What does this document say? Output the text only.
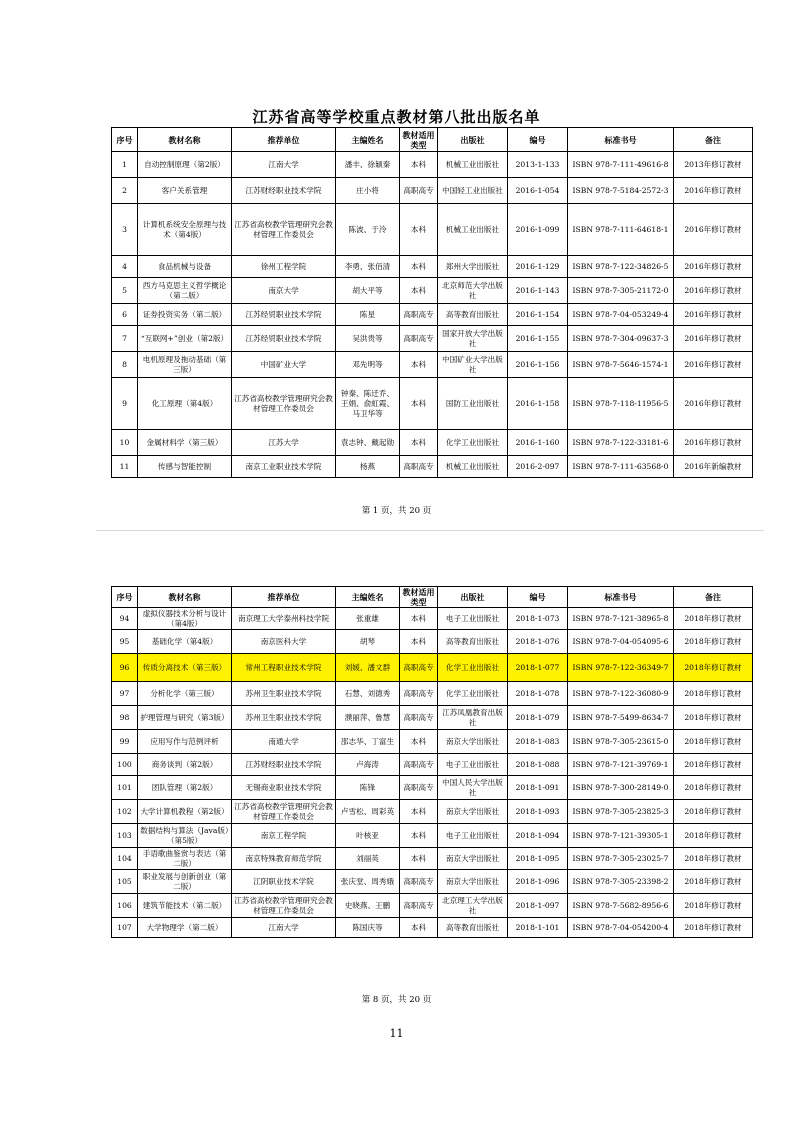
江苏省高等学校重点教材第八批出版名单
序号	教材名称	推荐单位	主编姓名	教材适用类型	出版社	编号	标准书号	备注
1	自动控制原理（第2版）	江南大学	潘丰、徐颖秦	本科	机械工业出版社	2013-1-133	ISBN 978-7-111-49616-8	2013年修订教材
2	客户关系管理	江苏财经职业技术学院	庄小将	高职高专	中国轻工业出版社	2016-1-054	ISBN 978-7-5184-2572-3	2016年修订教材
3	计算机系统安全原理与技术（第4版）	江苏省高校教学管理研究会教材管理工作委员会	陈波、于泠	本科	机械工业出版社	2016-1-099	ISBN 978-7-111-64618-1	2016年修订教材
4	食品机械与设备	徐州工程学院	李勇、张佰清	本科	郑州大学出版社	2016-1-129	ISBN 978-7-122-34826-5	2016年修订教材
5	西方马克思主义哲学概论（第二版）	南京大学	胡大平等	本科	北京师范大学出版社	2016-1-143	ISBN 978-7-305-21172-0	2016年修订教材
6	证券投资实务（第二版）	江苏经贸职业技术学院	陈星	高职高专	高等教育出版社	2016-1-154	ISBN 978-7-04-053249-4	2016年修订教材
7	“互联网+”创业（第2版）	江苏经贸职业技术学院	吴洪贵等	高职高专	国家开放大学出版社	2016-1-155	ISBN 978-7-304-09637-3	2016年修订教材
8	电机原理及拖动基础（第三版）	中国矿业大学	邓先明等	本科	中国矿业大学出版社	2016-1-156	ISBN 978-7-5646-1574-1	2016年修订教材
9	化工原理（第4版）	江苏省高校教学管理研究会教材管理工作委员会	钟秦、陈迁乔、王娟、俞虹霞、马卫华等	本科	国防工业出版社	2016-1-158	ISBN 978-7-118-11956-5	2016年修订教材
10	金属材料学（第三版）	江苏大学	袁志钟、戴起勋	本科	化学工业出版社	2016-1-160	ISBN 978-7-122-33181-6	2016年修订教材
11	传感与智能控制	南京工业职业技术学院	杨燕	高职高专	机械工业出版社	2016-2-097	ISBN 978-7-111-63568-0	2016年新编教材
第 1 页，共 20 页
序号	教材名称	推荐单位	主编姓名	教材适用类型	出版社	编号	标准书号	备注
94	虚拟仪器技术分析与设计（第4版）	南京理工大学泰州科技学院	张重雄	本科	电子工业出版社	2018-1-073	ISBN 978-7-121-38965-8	2018年修订教材
95	基础化学（第4版）	南京医科大学	胡琴	本科	高等教育出版社	2018-1-076	ISBN 978-7-04-054095-6	2018年修订教材
96	传质分离技术（第三版）	常州工程职业技术学院	刘媛、潘文群	高职高专	化学工业出版社	2018-1-077	ISBN 978-7-122-36349-7	2018年修订教材
97	分析化学（第三版）	苏州卫生职业技术学院	石慧、刘德秀	高职高专	化学工业出版社	2018-1-078	ISBN 978-7-122-36080-9	2018年修订教材
98	护理管理与研究（第3版）	苏州卫生职业技术学院	濮丽萍、鲁慧	高职高专	江苏凤凰教育出版社	2018-1-079	ISBN 978-7-5499-8634-7	2018年修订教材
99	应用写作与范例评析	南通大学	邵志华、丁富生	本科	南京大学出版社	2018-1-083	ISBN 978-7-305-23615-0	2018年修订教材
100	商务谈判（第2版）	江苏财经职业技术学院	卢海涛	高职高专	电子工业出版社	2018-1-088	ISBN 978-7-121-39769-1	2018年修订教材
101	团队管理（第2版）	无锡商业职业技术学院	陈锋	高职高专	中国人民大学出版社	2018-1-091	ISBN 978-7-300-28149-0	2018年修订教材
102	大学计算机教程（第2版）	江苏省高校教学管理研究会教材管理工作委员会	卢雪松、周彩英	本科	南京大学出版社	2018-1-093	ISBN 978-7-305-23825-3	2018年修订教材
103	数据结构与算法（Java版）（第5版）	南京工程学院	叶核亚	本科	电子工业出版社	2018-1-094	ISBN 978-7-121-39305-1	2018年修订教材
104	手语歌曲鉴赏与表达（第二版）	南京特殊教育师范学院	刘丽英	本科	南京大学出版社	2018-1-095	ISBN 978-7-305-23025-7	2018年修订教材
105	职业发展与创新创业（第二版）	江阴职业技术学院	张庆堂、周秀娥	高职高专	南京大学出版社	2018-1-096	ISBN 978-7-305-23398-2	2018年修订教材
106	建筑节能技术（第二版）	江苏省高校教学管理研究会教材管理工作委员会	史晓燕、王鹏	高职高专	北京理工大学出版社	2018-1-097	ISBN 978-7-5682-8956-6	2018年修订教材
107	大学物理学（第二版）	江南大学	陈国庆等	本科	高等教育出版社	2018-1-101	ISBN 978-7-04-054200-4	2018年修订教材
第 8 页，共 20 页
11
